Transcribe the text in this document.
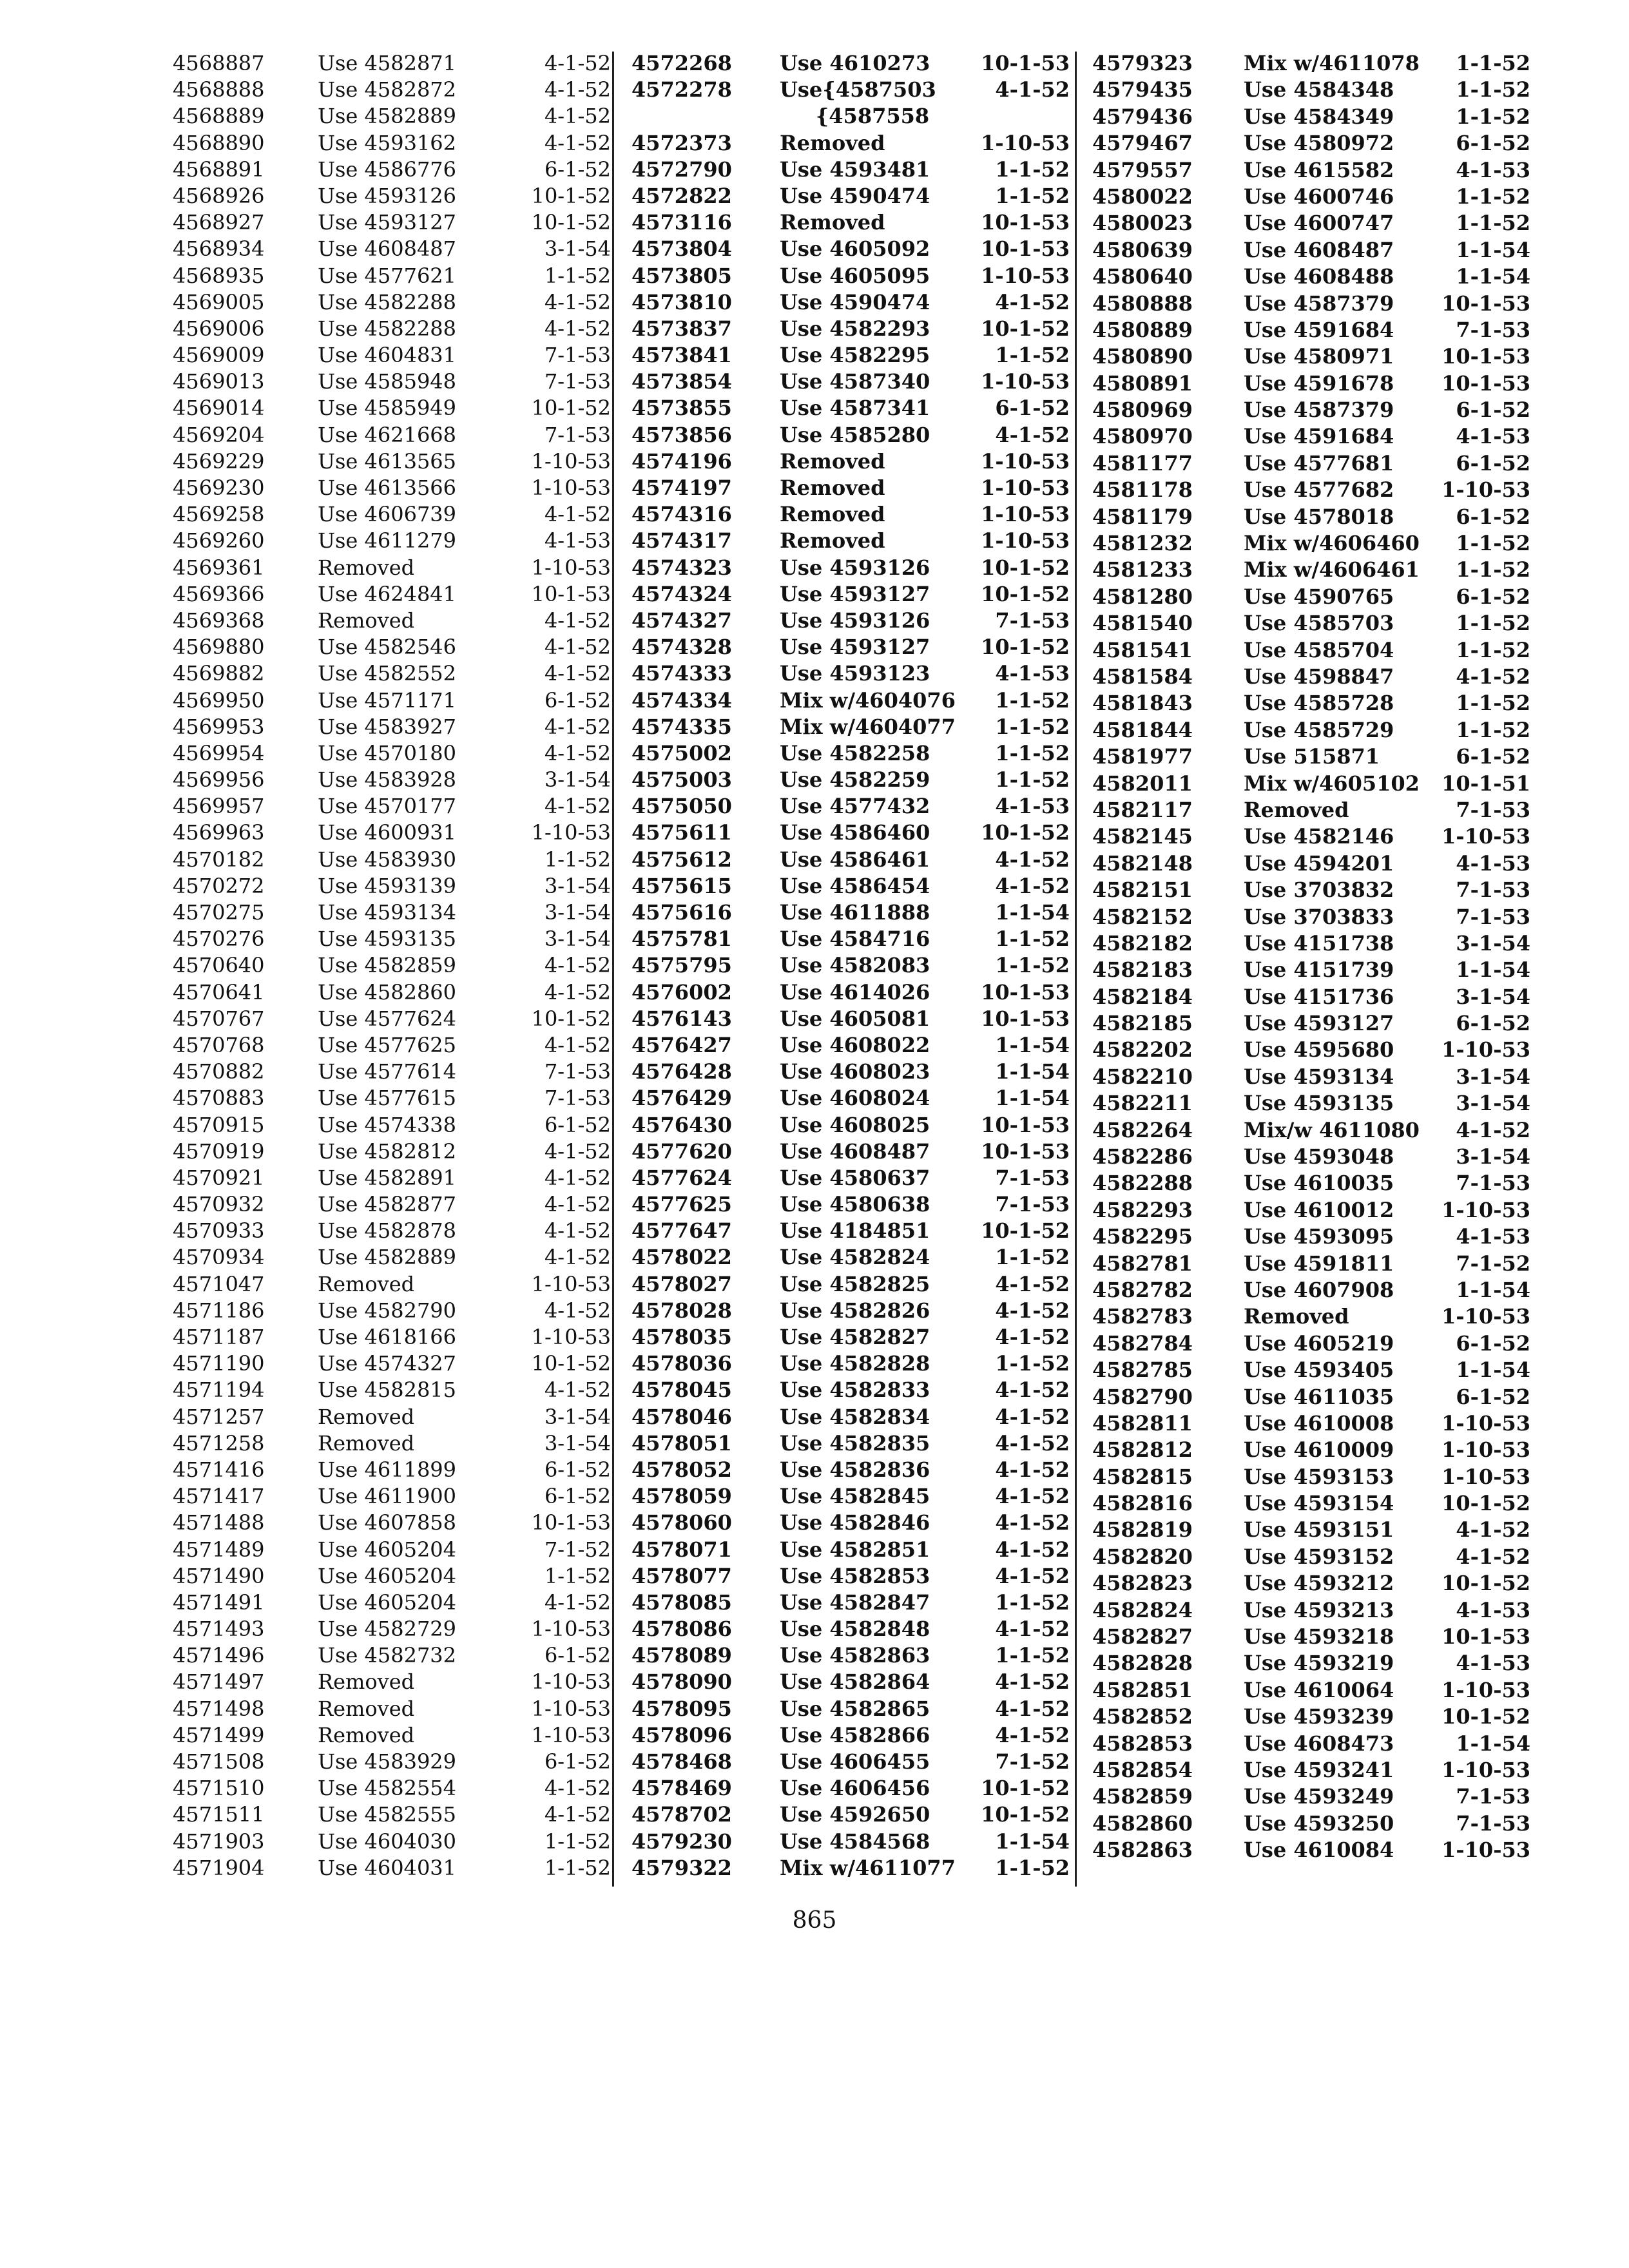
4568887	Use 4582871	4-1-52
4568888	Use 4582872	4-1-52
4568889	Use 4582889	4-1-52
4568890	Use 4593162	4-1-52
4568891	Use 4586776	6-1-52
4568926	Use 4593126	10-1-52
4568927	Use 4593127	10-1-52
4568934	Use 4608487	3-1-54
4568935	Use 4577621	1-1-52
4569005	Use 4582288	4-1-52
4569006	Use 4582288	4-1-52
4569009	Use 4604831	7-1-53
4569013	Use 4585948	7-1-53
4569014	Use 4585949	10-1-52
4569204	Use 4621668	7-1-53
4569229	Use 4613565	1-10-53
4569230	Use 4613566	1-10-53
4569258	Use 4606739	4-1-52
4569260	Use 4611279	4-1-53
4569361	Removed	1-10-53
4569366	Use 4624841	10-1-53
4569368	Removed	4-1-52
4569880	Use 4582546	4-1-52
4569882	Use 4582552	4-1-52
4569950	Use 4571171	6-1-52
4569953	Use 4583927	4-1-52
4569954	Use 4570180	4-1-52
4569956	Use 4583928	3-1-54
4569957	Use 4570177	4-1-52
4569963	Use 4600931	1-10-53
4570182	Use 4583930	1-1-52
4570272	Use 4593139	3-1-54
4570275	Use 4593134	3-1-54
4570276	Use 4593135	3-1-54
4570640	Use 4582859	4-1-52
4570641	Use 4582860	4-1-52
4570767	Use 4577624	10-1-52
4570768	Use 4577625	4-1-52
4570882	Use 4577614	7-1-53
4570883	Use 4577615	7-1-53
4570915	Use 4574338	6-1-52
4570919	Use 4582812	4-1-52
4570921	Use 4582891	4-1-52
4570932	Use 4582877	4-1-52
4570933	Use 4582878	4-1-52
4570934	Use 4582889	4-1-52
4571047	Removed	1-10-53
4571186	Use 4582790	4-1-52
4571187	Use 4618166	1-10-53
4571190	Use 4574327	10-1-52
4571194	Use 4582815	4-1-52
4571257	Removed	3-1-54
4571258	Removed	3-1-54
4571416	Use 4611899	6-1-52
4571417	Use 4611900	6-1-52
4571488	Use 4607858	10-1-53
4571489	Use 4605204	7-1-52
4571490	Use 4605204	1-1-52
4571491	Use 4605204	4-1-52
4571493	Use 4582729	1-10-53
4571496	Use 4582732	6-1-52
4571497	Removed	1-10-53
4571498	Removed	1-10-53
4571499	Removed	1-10-53
4571508	Use 4583929	6-1-52
4571510	Use 4582554	4-1-52
4571511	Use 4582555	4-1-52
4571903	Use 4604030	1-1-52
4571904	Use 4604031	1-1-52
4572268 Use 4610273 10-1-53
4572278 Use{4587503	4-1-52
{4587558
4572373 Removed	1-10-53
4572790 Use 4593481	1-1-52
4572822 Use 4590474	1-1-52
4573116 Removed	10-1-53
4573804 Use 4605092 10-1-53
4573805 Use 4605095 1-10-53
4573810 Use 4590474	4-1-52
4573837 Use 4582293 10-1-52
4573841 Use 4582295	1-1-52
4573854 Use 4587340 1-10-53
4573855 Use 4587341	6-1-52
4573856 Use 4585280	4-1-52
4574196 Removed	1-10-53
4574197 Removed	1-10-53
4574316 Removed	1-10-53
4574317 Removed	1-10-53
4574323 Use 4593126 10-1-52
4574324 Use 4593127 10-1-52
4574327 Use 4593126	7-1-53
4574328 Use 4593127 10-1-52
4574333 Use 4593123	4-1-53
4574334 Mix w/4604076 1-1-52
4574335 Mix w/4604077 1-1-52
4575002 Use 4582258	1-1-52
4575003 Use 4582259	1-1-52
4575050 Use 4577432	4-1-53
4575611 Use 4586460 10-1-52
4575612 Use 4586461	4-1-52
4575615 Use 4586454	4-1-52
4575616 Use 4611888	1-1-54
4575781 Use 4584716	1-1-52
4575795 Use 4582083	1-1-52
4576002 Use 4614026 10-1-53
4576143 Use 4605081 10-1-53
4576427 Use 4608022	1-1-54
4576428 Use 4608023	1-1-54
4576429 Use 4608024	1-1-54
4576430 Use 4608025 10-1-53
4577620 Use 4608487 10-1-53
4577624 Use 4580637	7-1-53
4577625 Use 4580638	7-1-53
4577647 Use 4184851 10-1-52
4578022 Use 4582824	1-1-52
4578027 Use 4582825	4-1-52
4578028 Use 4582826	4-1-52
4578035 Use 4582827	4-1-52
4578036 Use 4582828	1-1-52
4578045 Use 4582833	4-1-52
4578046 Use 4582834	4-1-52
4578051 Use 4582835	4-1-52
4578052 Use 4582836	4-1-52
4578059 Use 4582845	4-1-52
4578060 Use 4582846	4-1-52
4578071 Use 4582851	4-1-52
4578077 Use 4582853	4-1-52
4578085 Use 4582847	1-1-52
4578086 Use 4582848	4-1-52
4578089 Use 4582863	1-1-52
4578090 Use 4582864	4-1-52
4578095 Use 4582865	4-1-52
4578096 Use 4582866	4-1-52
4578468 Use 4606455	7-1-52
4578469 Use 4606456 10-1-52
4578702 Use 4592650 10-1-52
4579230 Use 4584568	1-1-54
4579322 Mix w/4611077 1-1-52
4579323 Mix w/4611078 1-1-52
4579435 Use 4584348	1-1-52
4579436 Use 4584349	1-1-52
4579467 Use 4580972	6-1-52
4579557 Use 4615582	4-1-53
4580022 Use 4600746	1-1-52
4580023 Use 4600747	1-1-52
4580639 Use 4608487	1-1-54
4580640 Use 4608488	1-1-54
4580888 Use 4587379 10-1-53
4580889 Use 4591684	7-1-53
4580890 Use 4580971 10-1-53
4580891 Use 4591678 10-1-53
4580969 Use 4587379	6-1-52
4580970 Use 4591684	4-1-53
4581177 Use 4577681	6-1-52
4581178 Use 4577682 1-10-53
4581179 Use 4578018	6-1-52
4581232 Mix w/4606460 1-1-52
4581233 Mix w/4606461 1-1-52
4581280 Use 4590765	6-1-52
4581540 Use 4585703	1-1-52
4581541 Use 4585704	1-1-52
4581584 Use 4598847	4-1-52
4581843 Use 4585728	1-1-52
4581844 Use 4585729	1-1-52
4581977 Use 515871	6-1-52
4582011 Mix w/4605102 10-1-51
4582117 Removed	7-1-53
4582145 Use 4582146 1-10-53
4582148 Use 4594201	4-1-53
4582151 Use 3703832	7-1-53
4582152 Use 3703833	7-1-53
4582182 Use 4151738	3-1-54
4582183 Use 4151739	1-1-54
4582184 Use 4151736	3-1-54
4582185 Use 4593127	6-1-52
4582202 Use 4595680 1-10-53
4582210 Use 4593134	3-1-54
4582211 Use 4593135	3-1-54
4582264 Mix/w 4611080 4-1-52
4582286 Use 4593048	3-1-54
4582288 Use 4610035	7-1-53
4582293 Use 4610012 1-10-53
4582295 Use 4593095	4-1-53
4582781 Use 4591811	7-1-52
4582782 Use 4607908	1-1-54
4582783 Removed	1-10-53
4582784 Use 4605219	6-1-52
4582785 Use 4593405	1-1-54
4582790 Use 4611035	6-1-52
4582811 Use 4610008 1-10-53
4582812 Use 4610009 1-10-53
4582815 Use 4593153 1-10-53
4582816 Use 4593154 10-1-52
4582819 Use 4593151	4-1-52
4582820 Use 4593152	4-1-52
4582823 Use 4593212 10-1-52
4582824 Use 4593213	4-1-53
4582827 Use 4593218 10-1-53
4582828 Use 4593219	4-1-53
4582851 Use 4610064 1-10-53
4582852 Use 4593239 10-1-52
4582853 Use 4608473	1-1-54
4582854 Use 4593241 1-10-53
4582859 Use 4593249	7-1-53
4582860 Use 4593250	7-1-53
4582863 Use 4610084 1-10-53
865
